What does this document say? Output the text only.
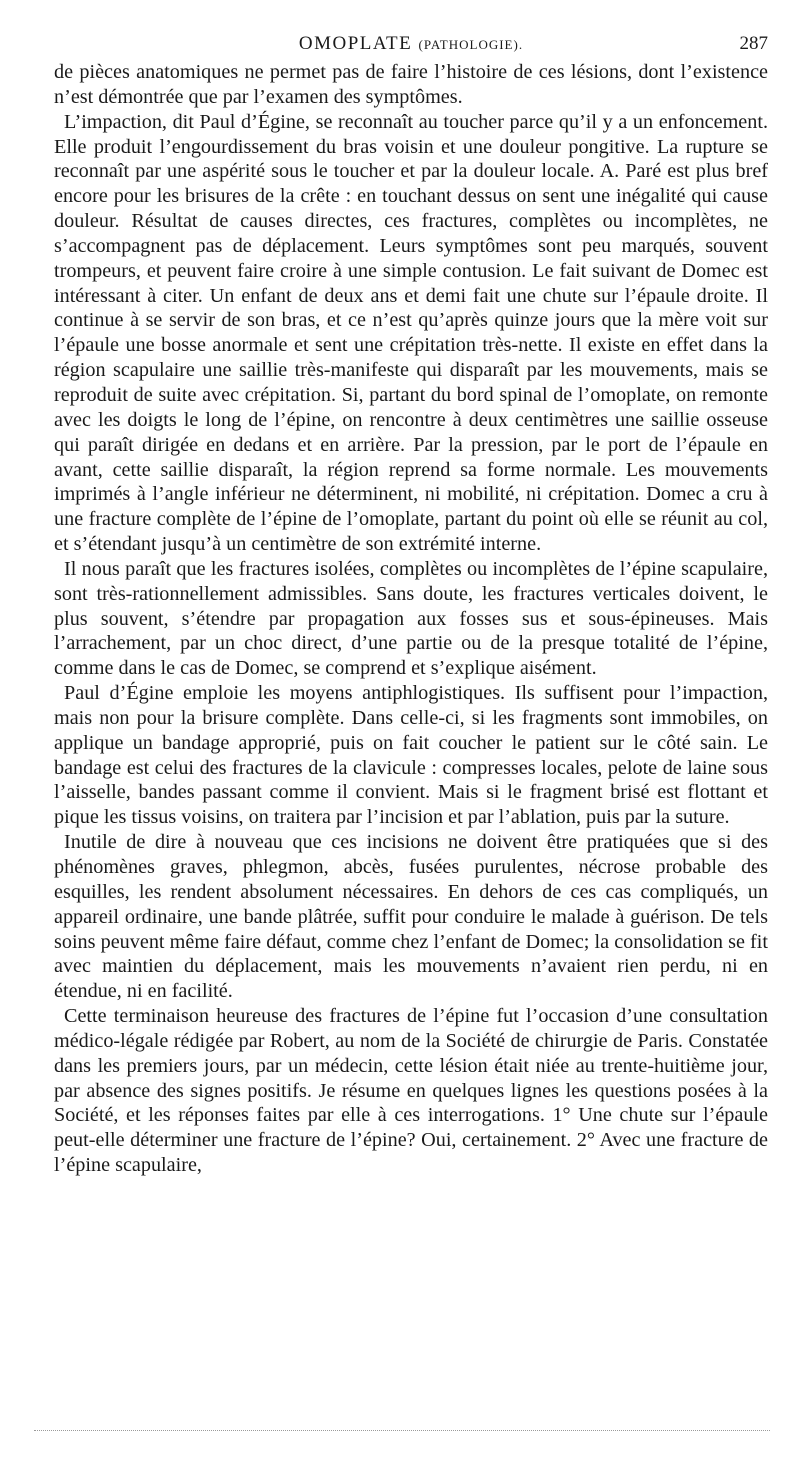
OMOPLATE (PATHOLOGIE).	287

de pièces anatomiques ne permet pas de faire l’histoire de ces lésions, dont l’existence n’est démontrée que par l’examen des symptômes.

L’impaction, dit Paul d’Égine, se reconnaît au toucher parce qu’il y a un enfoncement. Elle produit l’engourdissement du bras voisin et une douleur pongitive. La rupture se reconnaît par une aspérité sous le toucher et par la douleur locale. A. Paré est plus bref encore pour les brisures de la crête : en touchant dessus on sent une inégalité qui cause douleur. Résultat de causes directes, ces fractures, complètes ou incomplètes, ne s’accompagnent pas de déplacement. Leurs symptômes sont peu marqués, souvent trompeurs, et peuvent faire croire à une simple contusion. Le fait suivant de Domec est intéressant à citer. Un enfant de deux ans et demi fait une chute sur l’épaule droite. Il continue à se servir de son bras, et ce n’est qu’après quinze jours que la mère voit sur l’épaule une bosse anormale et sent une crépitation très-nette. Il existe en effet dans la région scapulaire une saillie très-manifeste qui disparaît par les mouvements, mais se reproduit de suite avec crépitation. Si, partant du bord spinal de l’omoplate, on remonte avec les doigts le long de l’épine, on rencontre à deux centimètres une saillie osseuse qui paraît dirigée en dedans et en arrière. Par la pression, par le port de l’épaule en avant, cette saillie disparaît, la région reprend sa forme normale. Les mouvements imprimés à l’angle inférieur ne déterminent, ni mobilité, ni crépitation. Domec a cru à une fracture complète de l’épine de l’omoplate, partant du point où elle se réunit au col, et s’étendant jusqu’à un centimètre de son extrémité interne.

Il nous paraît que les fractures isolées, complètes ou incomplètes de l’épine scapulaire, sont très-rationnellement admissibles. Sans doute, les fractures verticales doivent, le plus souvent, s’étendre par propagation aux fosses sus et sous-épineuses. Mais l’arrachement, par un choc direct, d’une partie ou de la presque totalité de l’épine, comme dans le cas de Domec, se comprend et s’explique aisément.

Paul d’Égine emploie les moyens antiphlogistiques. Ils suffisent pour l’impaction, mais non pour la brisure complète. Dans celle-ci, si les fragments sont immobiles, on applique un bandage approprié, puis on fait coucher le patient sur le côté sain. Le bandage est celui des fractures de la clavicule : compresses locales, pelote de laine sous l’aisselle, bandes passant comme il convient. Mais si le fragment brisé est flottant et pique les tissus voisins, on traitera par l’incision et par l’ablation, puis par la suture.

Inutile de dire à nouveau que ces incisions ne doivent être pratiquées que si des phénomènes graves, phlegmon, abcès, fusées purulentes, nécrose probable des esquilles, les rendent absolument nécessaires. En dehors de ces cas compliqués, un appareil ordinaire, une bande plâtrée, suffit pour conduire le malade à guérison. De tels soins peuvent même faire défaut, comme chez l’enfant de Domec; la consolidation se fit avec maintien du déplacement, mais les mouvements n’avaient rien perdu, ni en étendue, ni en facilité.

Cette terminaison heureuse des fractures de l’épine fut l’occasion d’une consultation médico-légale rédigée par Robert, au nom de la Société de chirurgie de Paris. Constatée dans les premiers jours, par un médecin, cette lésion était niée au trente-huitième jour, par absence des signes positifs. Je résume en quelques lignes les questions posées à la Société, et les réponses faites par elle à ces interrogations. 1° Une chute sur l’épaule peut-elle déterminer une fracture de l’épine? Oui, certainement. 2° Avec une fracture de l’épine scapulaire,
